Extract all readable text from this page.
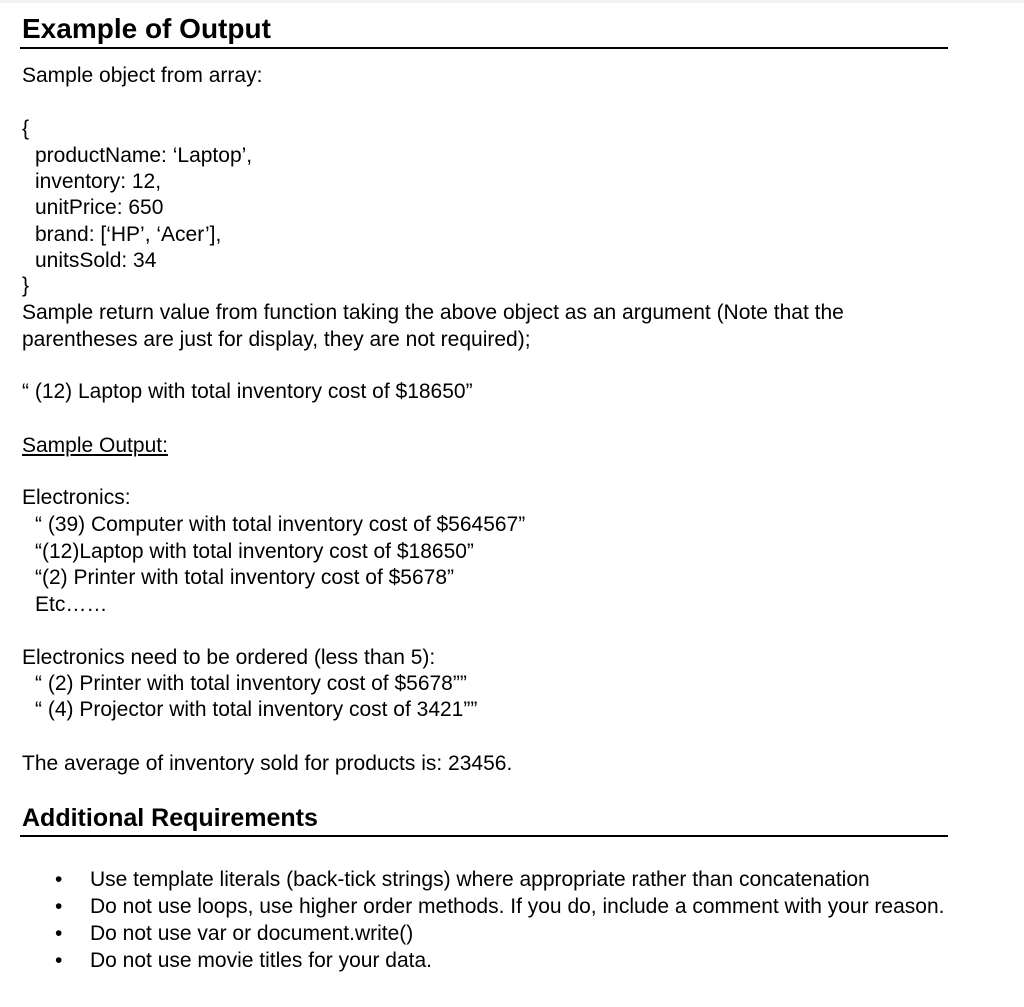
Example of Output
Sample object from array:
{
productName: ‘Laptop’,
inventory: 12,
unitPrice: 650
brand: [‘HP’, ‘Acer’],
unitsSold: 34
}
Sample return value from function taking the above object as an argument (Note that the parentheses are just for display, they are not required);
“ (12) Laptop with total inventory cost of $18650”
Sample Output:
Electronics:
“ (39) Computer with total inventory cost of $564567”
“(12)Laptop with total inventory cost of $18650”
“(2) Printer with total inventory cost of $5678”
Etc……
Electronics need to be ordered (less than 5):
“ (2) Printer with total inventory cost of $5678””
“ (4) Projector with total inventory cost of 3421””
The average of inventory sold for products is: 23456.
Additional Requirements
• Use template literals (back-tick strings) where appropriate rather than concatenation
• Do not use loops, use higher order methods. If you do, include a comment with your reason.
• Do not use var or document.write()
• Do not use movie titles for your data.
